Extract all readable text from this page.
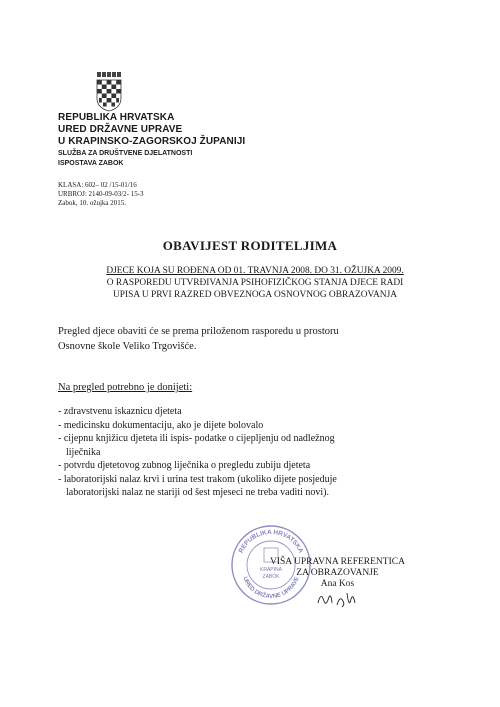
REPUBLIKA HRVATSKA
URED DRŽAVNE UPRAVE
U KRAPINSKO-ZAGORSKOJ ŽUPANIJI
SLUŽBA ZA DRUŠTVENE DJELATNOSTI
ISPOSTAVA ZABOK
KLASA: 602– 02 /15-01/16
URBROJ: 2140-09-03/2- 15-3
Zabok, 10. ožujka 2015.
OBAVIJEST RODITELJIMA
DJECE KOJA SU ROĐENA OD 01. TRAVNJA 2008. DO 31. OŽUJKA 2009.
O RASPOREDU UTVRĐIVANJA PSIHOFIZIČKOG STANJA DJECE RADI
UPISA U PRVI RAZRED OBVEZNOGA OSNOVNOG OBRAZOVANJA
Pregled djece obaviti će se prema priloženom rasporedu u prostoru
Osnovne škole Veliko Trgovišće.
Na pregled potrebno je donijeti:
- zdravstvenu iskaznicu djeteta
- medicinsku dokumentaciju, ako je dijete bolovalo
- cijepnu knjižicu djeteta ili ispis- podatke o cijepljenju od nadležnog
liječnika
- potvrdu djetetovog zubnog liječnika o pregledu zubiju djeteta
- laboratorijski nalaz krvi i urina test trakom (ukoliko dijete posjeduje
laboratorijski nalaz ne stariji od šest mjeseci ne treba vaditi novi).
REPUBLIKA HRVATSKA
URED DRŽAVNE UPRAVE
KRAPINA
ZABOK
VIŠA UPRAVNA REFERENTICA
ZA OBRAZOVANJE
Ana Kos
